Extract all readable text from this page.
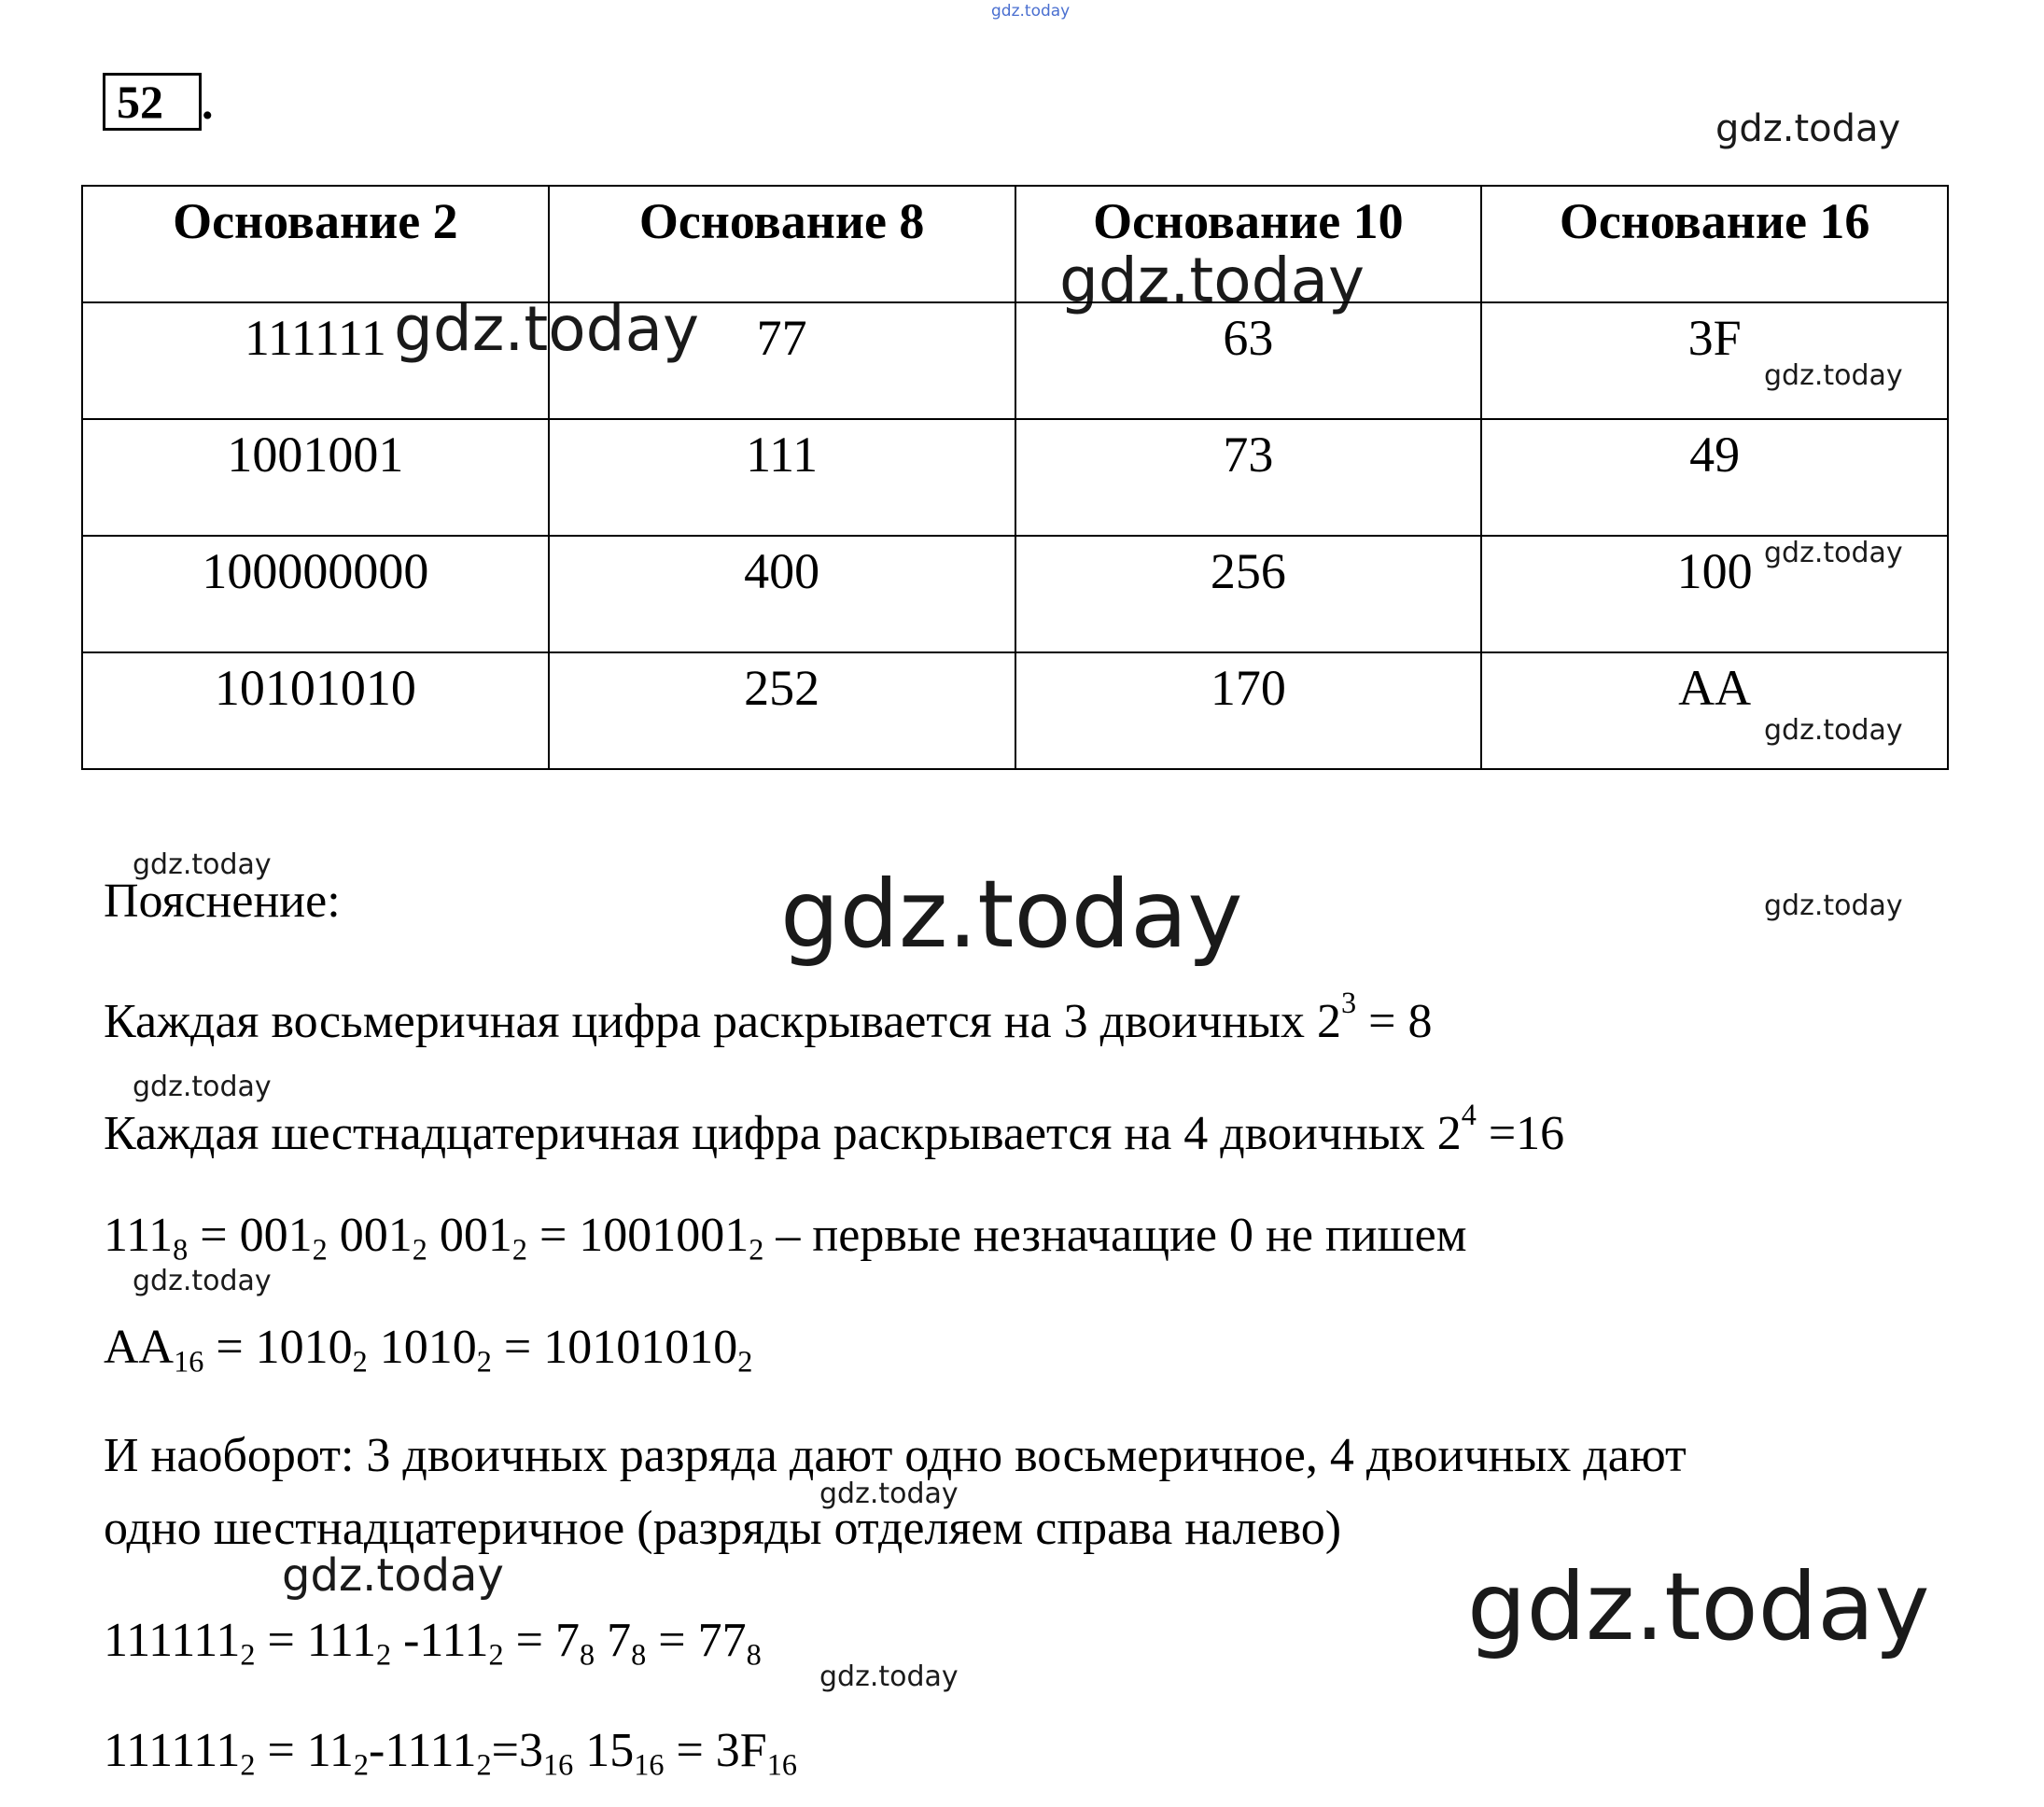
gdz.today
gdz.today
gdz.today
gdz.today
gdz.today
gdz.today
gdz.today
gdz.today	gdz.today	gdz.today
gdz.today
gdz.today
gdz.today
gdz.today	gdz.today
gdz.today
52 .
Основание 2	Основание 8	Основание 10	Основание 16
111111	77	63	3F
1001001	111	73	49
100000000	400	256	100
10101010	252	170	AA
Пояснение:
Каждая восьмеричная цифра раскрывается на 3 двоичных $2^3 = 8$
Каждая шестнадцатеричная цифра раскрывается на 4 двоичных $2^4 =16$
$111_8 = 001_2$ $001_2$ $001_2 = 1001001_2$ – первые незначащие 0 не пишем
$AA_{16} = 1010_2$ $1010_2 = 10101010_2$
И наоборот: 3 двоичных разряда дают одно восьмеричное, 4 двоичных дают
одно шестнадцатеричное (разряды отделяем справа налево)
$111111_2 = 111_2$ $-111_2 = 7_8$ $7_8 = 77_8$
$111111_2 = 11_2-1111_2=3_{16}$ $15_{16} = 3F_{16}$
